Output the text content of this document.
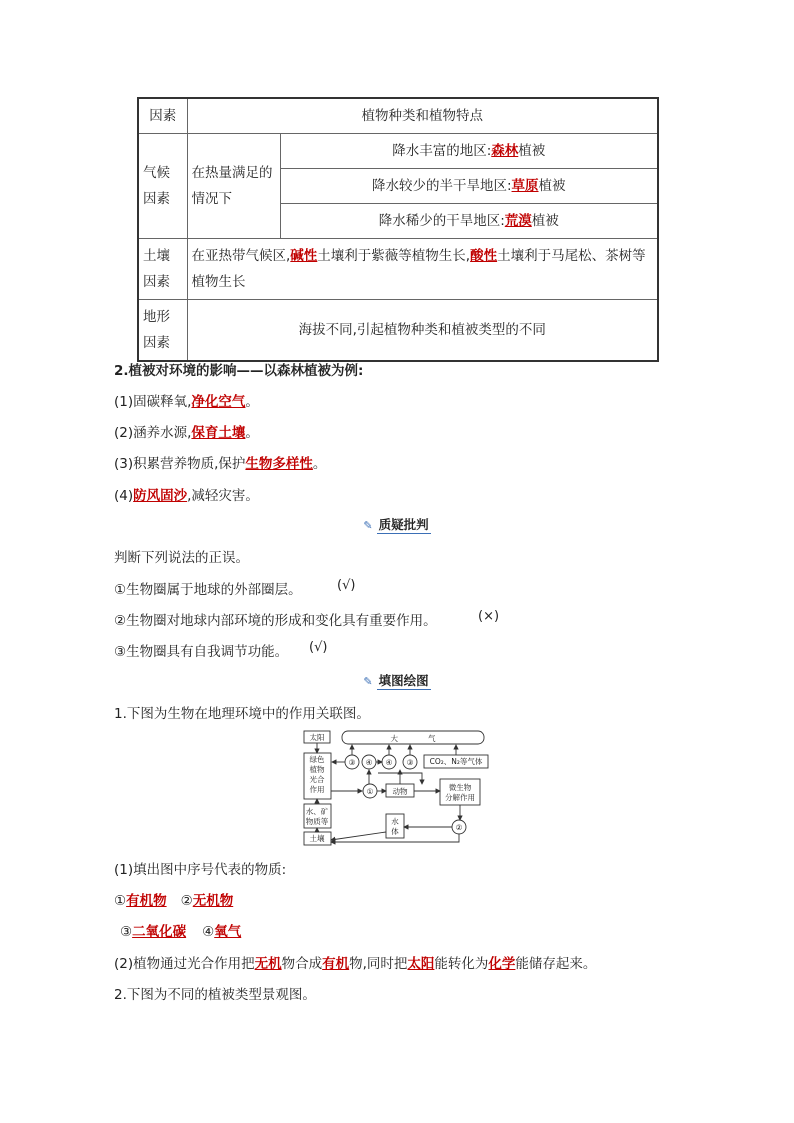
因素	植物种类和植物特点	
气候因素	在热量满足的情况下	降水丰富的地区:森林植被
		降水较少的半干旱地区:草原植被
		降水稀少的干旱地区:荒漠植被
土壤因素	在亚热带气候区,碱性土壤利于紫薇等植物生长,酸性土壤利于马尾松、茶树等植物生长	
地形因素	海拔不同,引起植物种类和植被类型的不同	
2.植被对环境的影响——以森林植被为例:
(1)固碳释氧,净化空气。
(2)涵养水源,保育土壤。
(3)积累营养物质,保护生物多样性。
(4)防风固沙,减轻灾害。
✎ 质疑批判
判断下列说法的正误。
①生物圈属于地球的外部圈层。	(√)
②生物圈对地球内部环境的形成和变化具有重要作用。	(×)
③生物圈具有自我调节功能。 (√)
✎ 填图绘图
1.下图为生物在地理环境中的作用关联图。
太阳	大　　　　气
③ ④ ④ ③ CO₂、N₂等气体
绿色
植物
光合
作用	①	动物	微生物
分解作用
水、矿
物质等	水
体	②
土壤
(1)填出图中序号代表的物质:
①有机物 ②无机物
③二氧化碳 ④氧气
(2)植物通过光合作用把无机物合成有机物,同时把太阳能转化为化学能储存起来。
2.下图为不同的植被类型景观图。
